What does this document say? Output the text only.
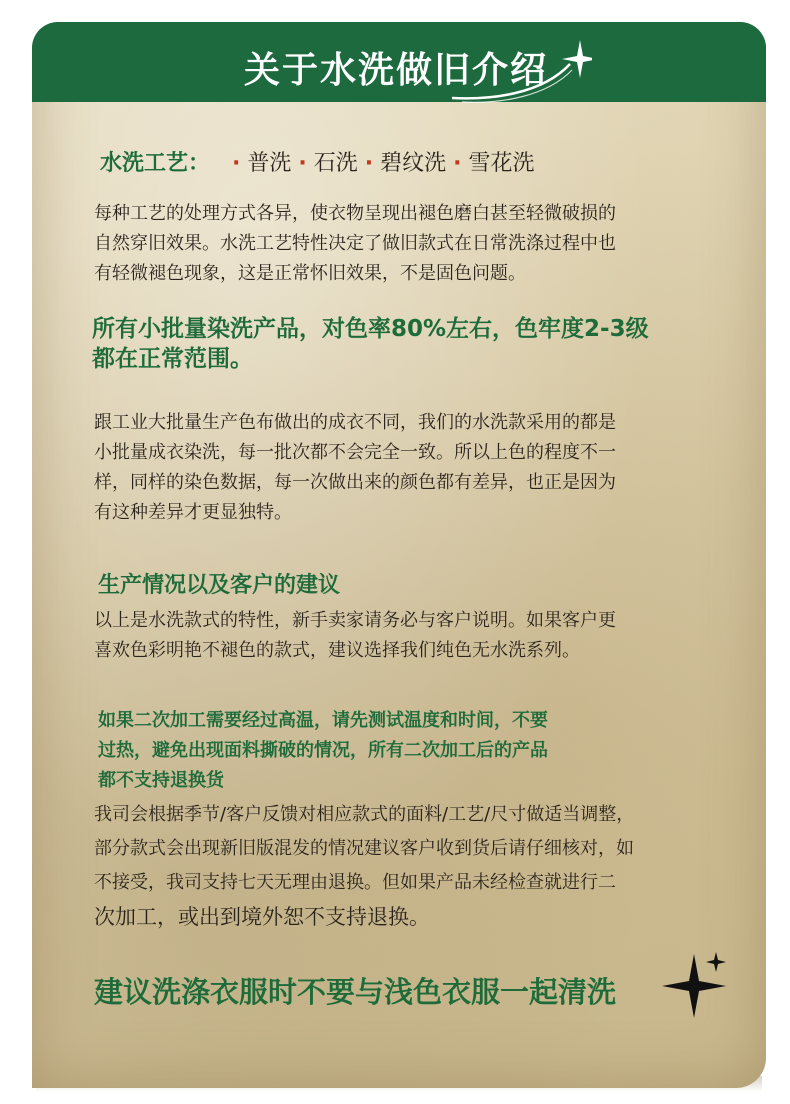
关于水洗做旧介绍
水洗工艺： · 普洗 · 石洗 · 碧纹洗 · 雪花洗
每种工艺的处理方式各异，使衣物呈现出褪色磨白甚至轻微破损的
自然穿旧效果。水洗工艺特性决定了做旧款式在日常洗涤过程中也
有轻微褪色现象，这是正常怀旧效果，不是固色问题。
所有小批量染洗产品，对色率80%左右，色牢度2-3级
都在正常范围。
跟工业大批量生产色布做出的成衣不同，我们的水洗款采用的都是
小批量成衣染洗，每一批次都不会完全一致。所以上色的程度不一
样，同样的染色数据，每一次做出来的颜色都有差异，也正是因为
有这种差异才更显独特。
生产情况以及客户的建议
以上是水洗款式的特性，新手卖家请务必与客户说明。如果客户更
喜欢色彩明艳不褪色的款式，建议选择我们纯色无水洗系列。
如果二次加工需要经过高温，请先测试温度和时间，不要
过热，避免出现面料撕破的情况，所有二次加工后的产品
都不支持退换货
我司会根据季节/客户反馈对相应款式的面料/工艺/尺寸做适当调整，
部分款式会出现新旧版混发的情况建议客户收到货后请仔细核对，如
不接受，我司支持七天无理由退换。但如果产品未经检查就进行二
次加工，或出到境外恕不支持退换。
建议洗涤衣服时不要与浅色衣服一起清洗
